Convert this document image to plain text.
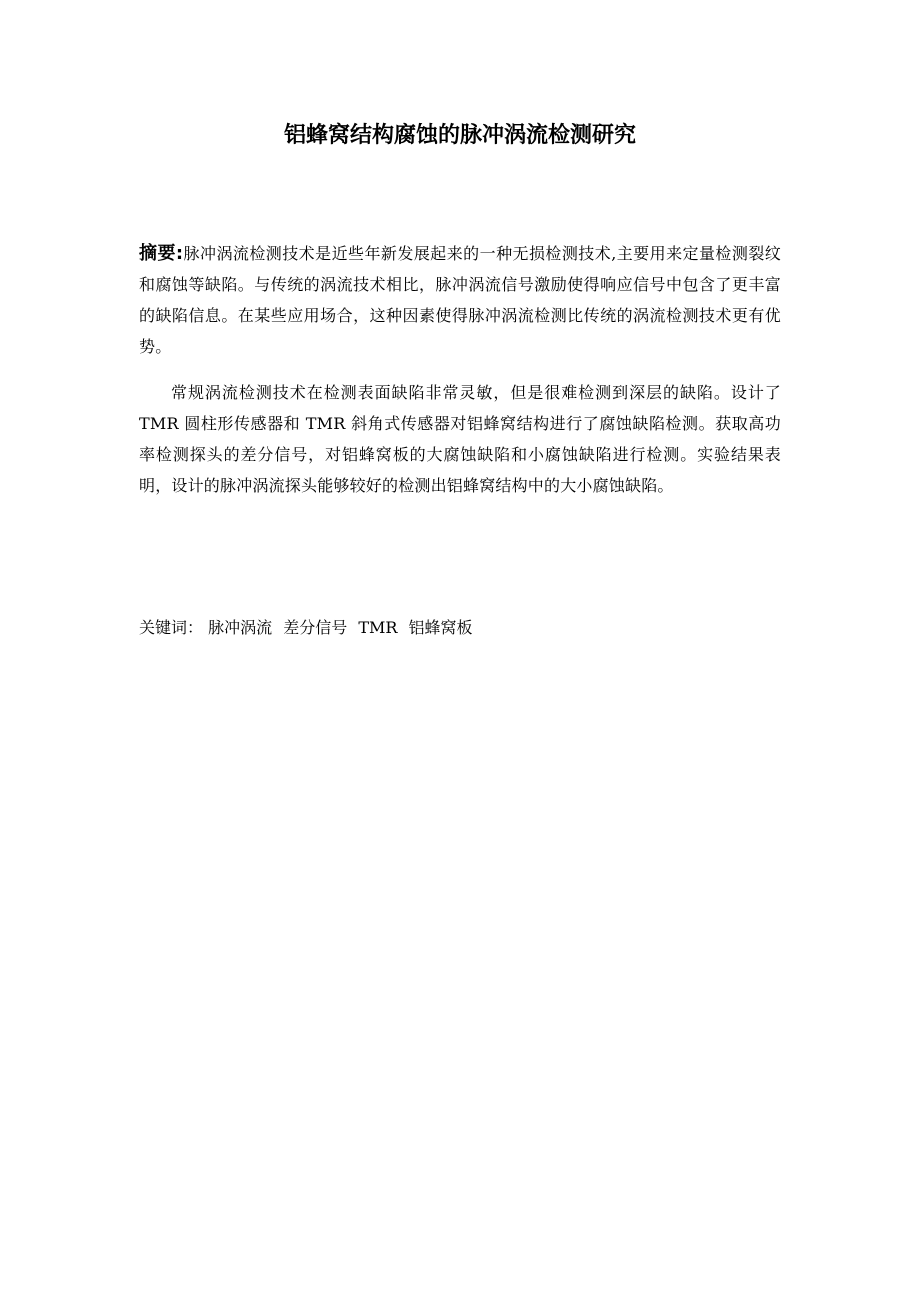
铝蜂窝结构腐蚀的脉冲涡流检测研究

摘要:脉冲涡流检测技术是近些年新发展起来的一种无损检测技术,主要用来定量检测裂纹和腐蚀等缺陷。与传统的涡流技术相比，脉冲涡流信号激励使得响应信号中包含了更丰富的缺陷信息。在某些应用场合，这种因素使得脉冲涡流检测比传统的涡流检测技术更有优势。

常规涡流检测技术在检测表面缺陷非常灵敏，但是很难检测到深层的缺陷。设计了 TMR 圆柱形传感器和 TMR 斜角式传感器对铝蜂窝结构进行了腐蚀缺陷检测。获取高功率检测探头的差分信号，对铝蜂窝板的大腐蚀缺陷和小腐蚀缺陷进行检测。实验结果表明，设计的脉冲涡流探头能够较好的检测出铝蜂窝结构中的大小腐蚀缺陷。

关键词： 脉冲涡流 差分信号 TMR 铝蜂窝板
